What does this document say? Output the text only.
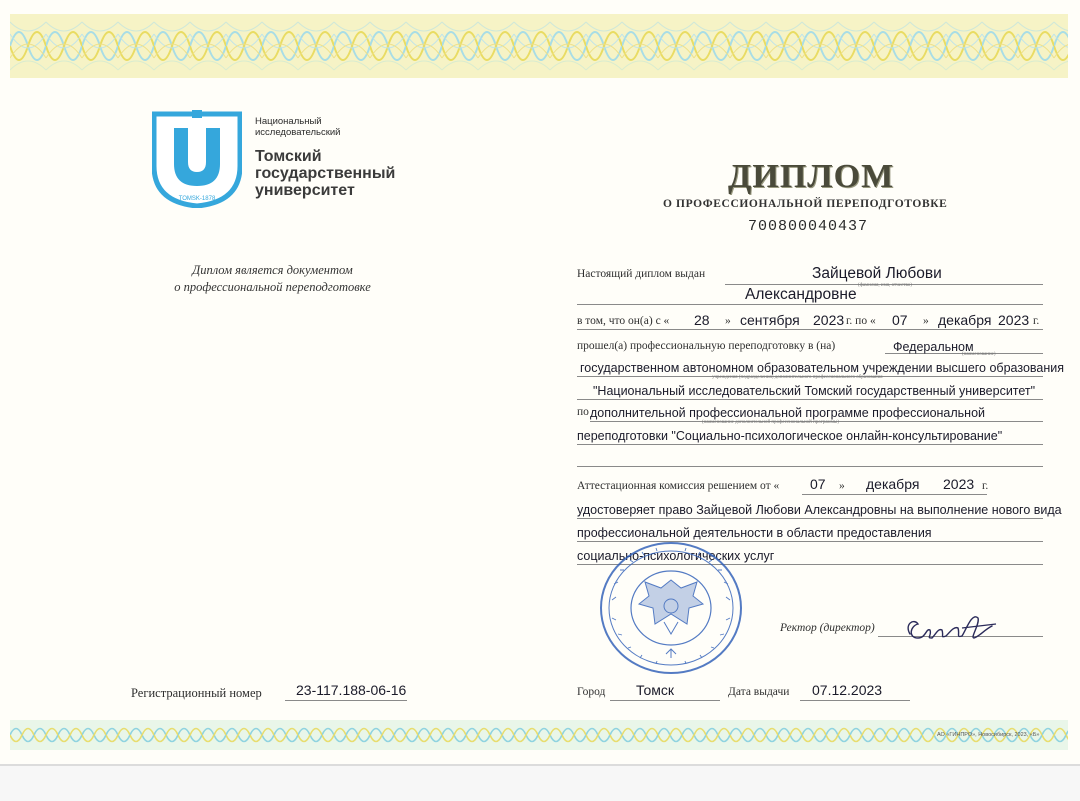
АО «ГИНПРО», Новосибирск, 2023, «Б»
TOMSK-1878
Национальный
исследовательский
Томский
государственный
университет
Диплом является документом
о профессиональной переподготовке
ДИПЛОМ
О ПРОФЕССИОНАЛЬНОЙ ПЕРЕПОДГОТОВКЕ
700800040437
Настоящий диплом выдан	Зайцевой Любови
(фамилия, имя, отчество)
Александровне
в том, что он(а) с « 28 » сентября 2023 г. по « 07 » декабря 2023 г.
прошел(а) профессиональную переподготовку в (на)	Федеральном
(наименование)
государственном автономном образовательном учреждении высшего образования
учреждения (подразделения) дополнительного профессионального образования
"Национальный исследовательский Томский государственный университет"
по дополнительной профессиональной программе профессиональной
(наименование дополнительной профессиональной программы)
переподготовки "Социально-психологическое онлайн-консультирование"
Аттестационная комиссия решением от « 07 » декабря 2023 г.
удостоверяет право Зайцевой Любови Александровны на выполнение нового вида
профессиональной деятельности в области предоставления
социально-психологических услуг
Ректор (директор)
Регистрационный номер 23-117.188-06-16	Город Томск	Дата выдачи 07.12.2023
